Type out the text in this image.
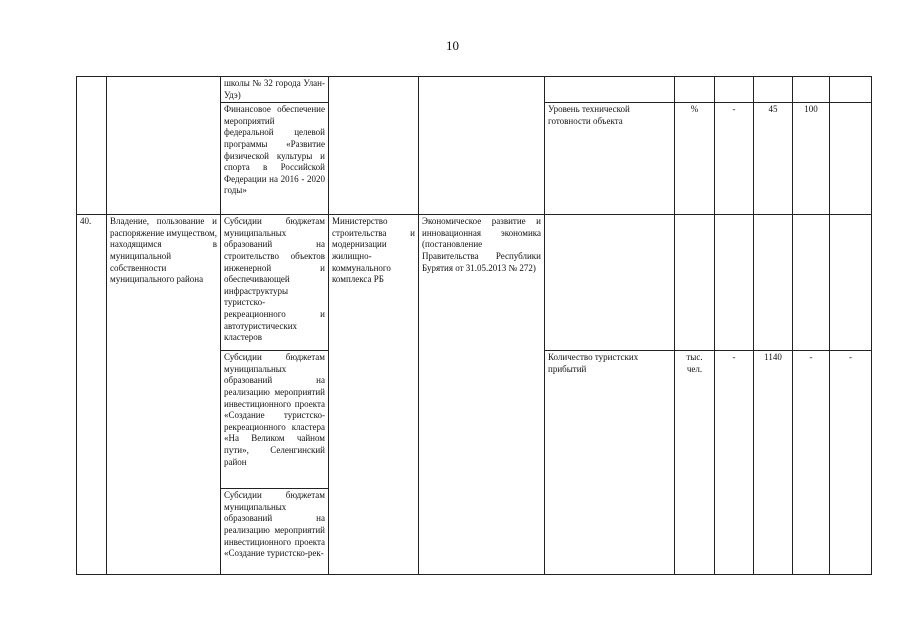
10

		школы № 32 города Улан-Удэ)								

		Финансовое обеспечение мероприятий федеральной целевой программы «Развитие физической культуры и спорта в Российской Федерации на 2016 - 2020 годы»			Уровень технической готовности объекта	%	-	45	100	
40.	Владение, пользование и распоряжение имуществом, находящимся в муниципальной собственности муниципального района	Субсидии бюджетам муниципальных образований на строительство объектов инженерной и обеспечивающей инфраструктуры туристско-рекреационного и автотуристических кластеров	Министерство строительства и модернизации жилищно-коммунального комплекса РБ	Экономическое развитие и инновационная экономика (постановление Правительства Республики Бурятия от 31.05.2013 № 272)						

		Субсидии бюджетам муниципальных образований на реализацию мероприятий инвестиционного проекта «Создание туристско-рекреационного кластера «На Великом чайном пути», Селенгинский район			Количество туристских прибытий	тыс. чел.	-	1140	-	-

		Субсидии бюджетам муниципальных образований на реализацию мероприятий инвестиционного проекта «Создание туристско-рек-								
